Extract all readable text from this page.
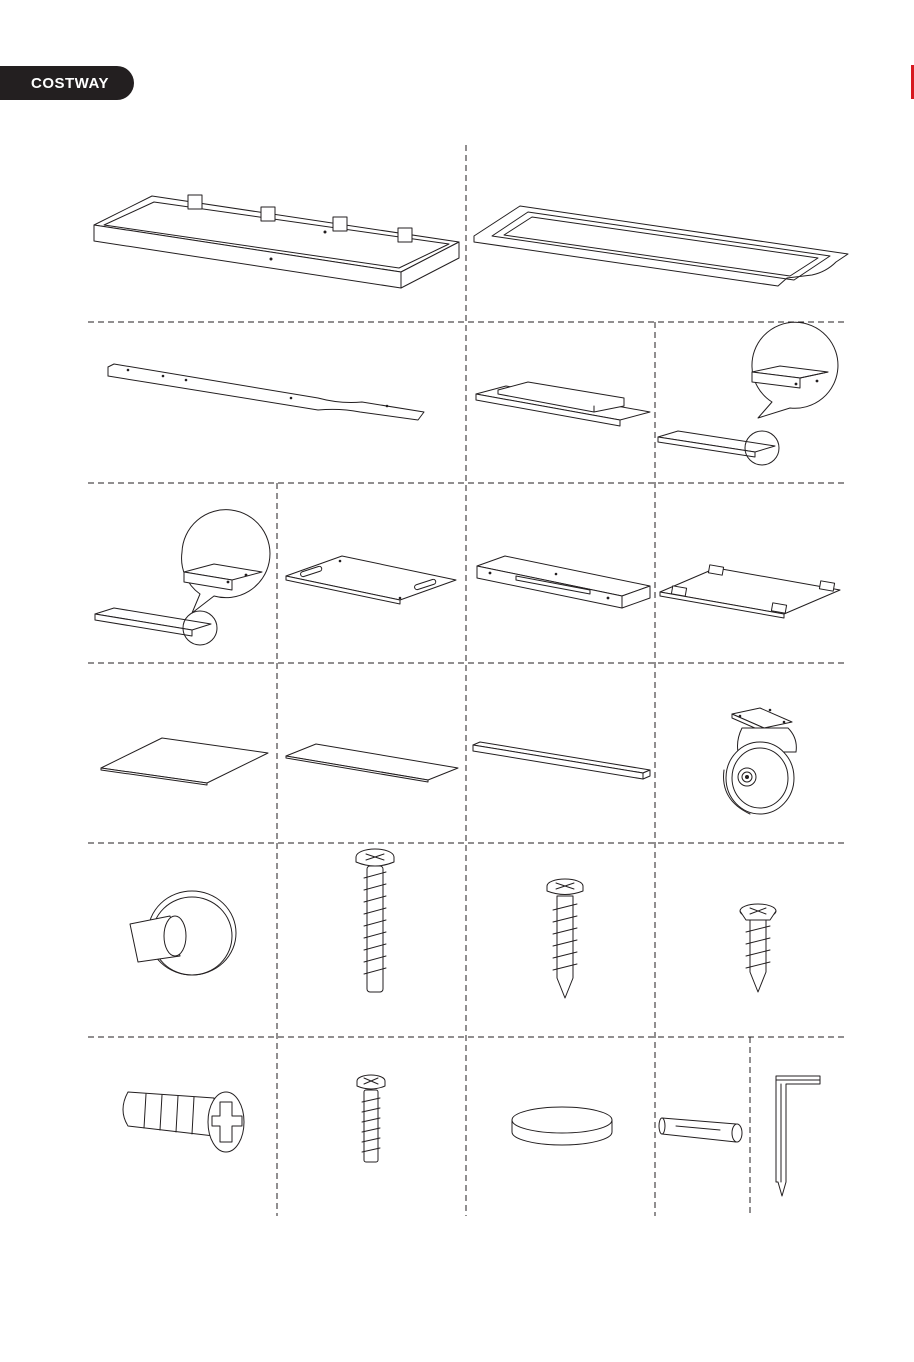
COSTWAY
